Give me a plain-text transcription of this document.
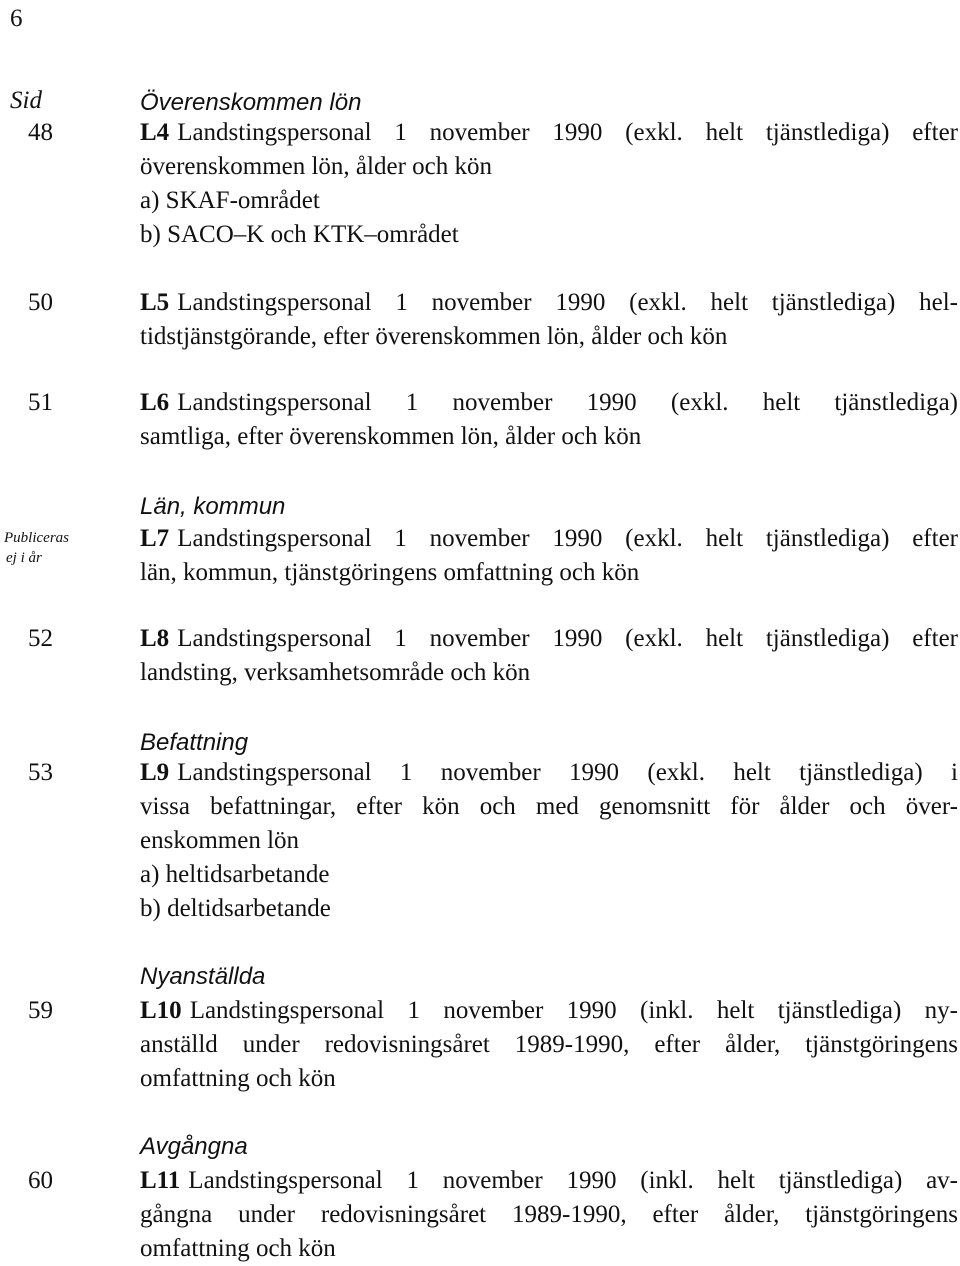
6
Sid	Överenskommen lön
48	L4 Landstingspersonal 1 november 1990 (exkl. helt tjänstlediga) efter
överenskommen lön, ålder och kön
a) SKAF-området
b) SACO–K och KTK–området
50	L5 Landstingspersonal 1 november 1990 (exkl. helt tjänstlediga) hel-
tidstjänstgörande, efter överenskommen lön, ålder och kön
51	L6 Landstingspersonal 1 november 1990 (exkl. helt tjänstlediga)
samtliga, efter överenskommen lön, ålder och kön
Län, kommun
Publiceras
ej i år
L7 Landstingspersonal 1 november 1990 (exkl. helt tjänstlediga) efter
län, kommun, tjänstgöringens omfattning och kön
52	L8 Landstingspersonal 1 november 1990 (exkl. helt tjänstlediga) efter
landsting, verksamhetsområde och kön
Befattning
53	L9 Landstingspersonal 1 november 1990 (exkl. helt tjänstlediga) i
vissa befattningar, efter kön och med genomsnitt för ålder och över-
enskommen lön
a) heltidsarbetande
b) deltidsarbetande
Nyanställda
59	L10 Landstingspersonal 1 november 1990 (inkl. helt tjänstlediga) ny-
anställd under redovisningsåret 1989-1990, efter ålder, tjänstgöringens
omfattning och kön
Avgångna
60	L11 Landstingspersonal 1 november 1990 (inkl. helt tjänstlediga) av-
gångna under redovisningsåret 1989-1990, efter ålder, tjänstgöringens
omfattning och kön
